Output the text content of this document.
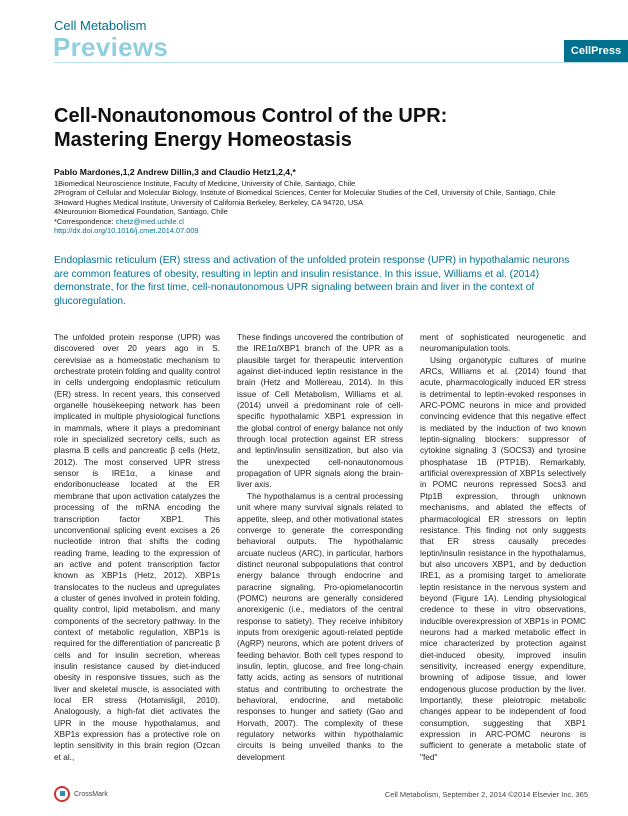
Cell Metabolism
Previews	CellPress
Cell-Nonautonomous Control of the UPR:
Mastering Energy Homeostasis
Pablo Mardones,1,2 Andrew Dillin,3 and Claudio Hetz1,2,4,*
1Biomedical Neuroscience Institute, Faculty of Medicine, University of Chile, Santiago, Chile
2Program of Cellular and Molecular Biology, Institute of Biomedical Sciences, Center for Molecular Studies of the Cell, University of Chile, Santiago, Chile
3Howard Hughes Medical Institute, University of California Berkeley, Berkeley, CA 94720, USA
4Neurounion Biomedical Foundation, Santiago, Chile
*Correspondence: chetz@med.uchile.cl
http://dx.doi.org/10.1016/j.cmet.2014.07.009
Endoplasmic reticulum (ER) stress and activation of the unfolded protein response (UPR) in hypothalamic neurons are common features of obesity, resulting in leptin and insulin resistance. In this issue, Williams et al. (2014) demonstrate, for the first time, cell-nonautonomous UPR signaling between brain and liver in the context of glucoregulation.

The unfolded protein response (UPR) was discovered over 20 years ago in S. cerevisiae as a homeostatic mechanism to orchestrate protein folding and quality control in cells undergoing endoplasmic reticulum (ER) stress. In recent years, this conserved organelle housekeeping network has been implicated in multiple physiological functions in mammals, where it plays a predominant role in specialized secretory cells, such as plasma B cells and pancreatic β cells (Hetz, 2012). The most conserved UPR stress sensor is IRE1α, a kinase and endoribonuclease located at the ER membrane that upon activation catalyzes the processing of the mRNA encoding the transcription factor XBP1. This unconventional splicing event excises a 26 nucleotide intron that shifts the coding reading frame, leading to the expression of an active and potent transcription factor known as XBP1s (Hetz, 2012). XBP1s translocates to the nucleus and upregulates a cluster of genes involved in protein folding, quality control, lipid metabolism, and many components of the secretory pathway. In the context of metabolic regulation, XBP1s is required for the differentiation of pancreatic β cells and for insulin secretion, whereas insulin resistance caused by diet-induced obesity in responsive tissues, such as the liver and skeletal muscle, is associated with local ER stress (Hotamisligil, 2010). Analogously, a high-fat diet activates the UPR in the mouse hypothalamus, and XBP1s expression has a protective role on leptin sensitivity in this brain region (Ozcan et al.,

These findings uncovered the contribution of the IRE1α/XBP1 branch of the UPR as a plausible target for therapeutic intervention against diet-induced leptin resistance in the brain (Hetz and Mollereau, 2014). In this issue of Cell Metabolism, Williams et al. (2014) unveil a predominant role of cell-specific hypothalamic XBP1 expression in the global control of energy balance not only through local protection against ER stress and leptin/insulin sensitization, but also via the unexpected cell-nonautonomous propagation of UPR signals along the brain-liver axis.

The hypothalamus is a central processing unit where many survival signals related to appetite, sleep, and other motivational states converge to generate the corresponding behavioral outputs. The hypothalamic arcuate nucleus (ARC), in particular, harbors distinct neuronal subpopulations that control energy balance through endocrine and paracrine signaling. Pro-opiomelanocortin (POMC) neurons are generally considered anorexigenic (i.e., mediators of the central response to satiety). They receive inhibitory inputs from orexigenic agouti-related peptide (AgRP) neurons, which are potent drivers of feeding behavior. Both cell types respond to insulin, leptin, glucose, and free long-chain fatty acids, acting as sensors of nutritional status and contributing to orchestrate the behavioral, endocrine, and metabolic responses to hunger and satiety (Gao and Horvath, 2007). The complexity of these regulatory networks within hypothalamic circuits is being unveiled thanks to the development

ment of sophisticated neurogenetic and neuromanipulation tools.

Using organotypic cultures of murine ARCs, Williams et al. (2014) found that acute, pharmacologically induced ER stress is detrimental to leptin-evoked responses in ARC-POMC neurons in mice and provided convincing evidence that this negative effect is mediated by the induction of two known leptin-signaling blockers: suppressor of cytokine signaling 3 (SOCS3) and tyrosine phosphatase 1B (PTP1B). Remarkably, artificial overexpression of XBP1s selectively in POMC neurons repressed Socs3 and Ptp1B expression, through unknown mechanisms, and ablated the effects of pharmacological ER stressors on leptin resistance. This finding not only suggests that ER stress causally precedes leptin/insulin resistance in the hypothalamus, but also uncovers XBP1, and by deduction IRE1, as a promising target to ameliorate leptin resistance in the nervous system and beyond (Figure 1A). Lending physiological credence to these in vitro observations, inducible overexpression of XBP1s in POMC neurons had a marked metabolic effect in mice characterized by protection against diet-induced obesity, improved insulin sensitivity, increased energy expenditure, browning of adipose tissue, and lower endogenous glucose production by the liver. Importantly, these pleiotropic metabolic changes appear to be independent of food consumption, suggesting that XBP1 expression in ARC-POMC neurons is sufficient to generate a metabolic state of "fed"

CrossMark	Cell Metabolism, September 2, 2014 ©2014 Elsevier Inc. 365
